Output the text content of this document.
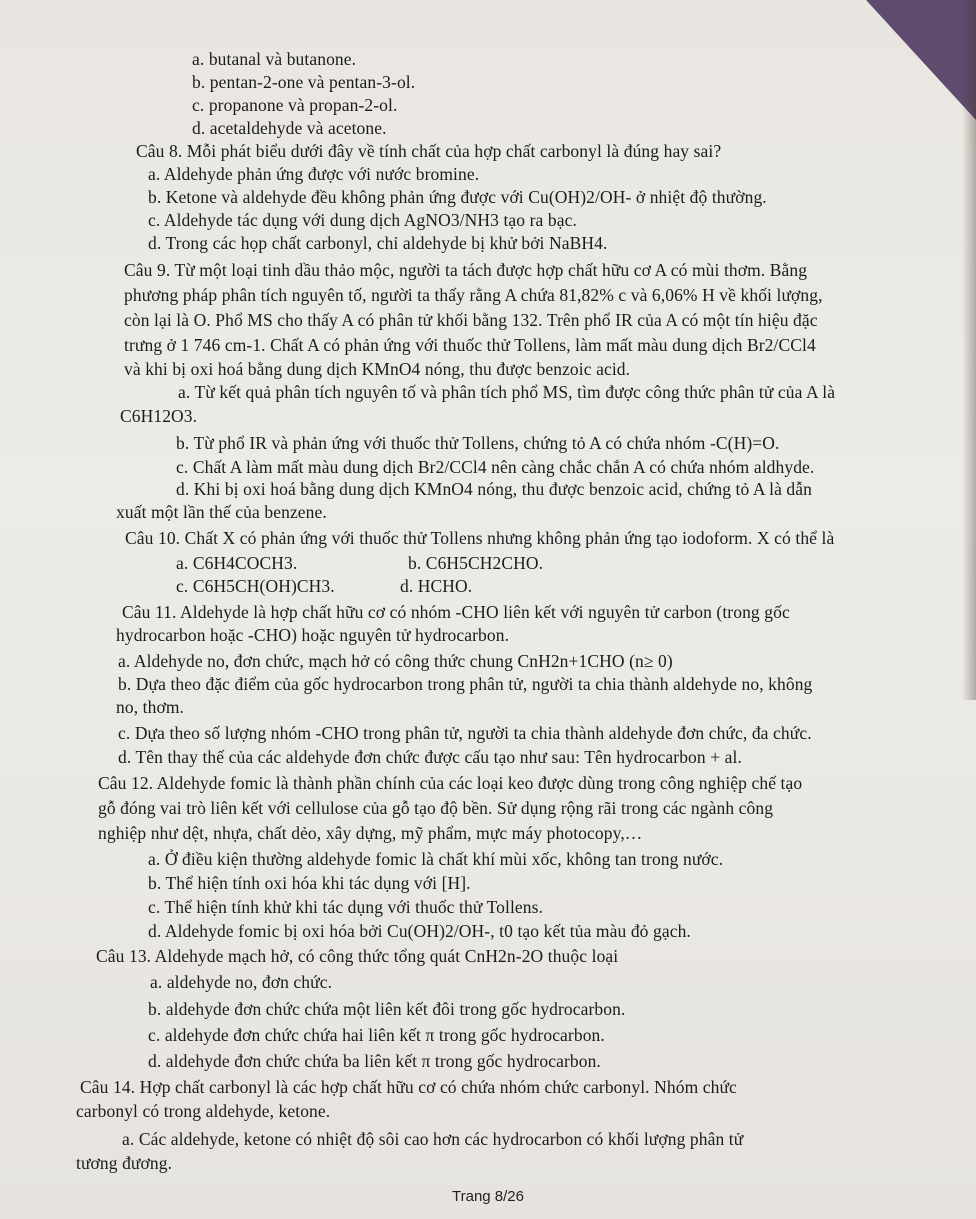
a. butanal và butanone.
b. pentan-2-one và pentan-3-ol.
c. propanone và propan-2-ol.
d. acetaldehyde và acetone.
Câu 8. Mỗi phát biểu dưới đây về tính chất của hợp chất carbonyl là đúng hay sai?
a. Aldehyde phản ứng được với nước bromine.
b. Ketone và aldehyde đều không phản ứng được với Cu(OH)2/OH- ở nhiệt độ thường.
c. Aldehyde tác dụng với dung dịch AgNO3/NH3 tạo ra bạc.
d. Trong các họp chất carbonyl, chỉ aldehyde bị khử bởi NaBH4.
Câu 9. Từ một loại tinh dầu thảo mộc, người ta tách được hợp chất hữu cơ A có mùi thơm. Bằng
phương pháp phân tích nguyên tố, người ta thấy rằng A chứa 81,82% c và 6,06% H về khối lượng,
còn lại là O. Phổ MS cho thấy A có phân tử khối bằng 132. Trên phổ IR của A có một tín hiệu đặc
trưng ở 1 746 cm-1. Chất A có phản ứng với thuốc thử Tollens, làm mất màu dung dịch Br2/CCl4
và khi bị oxi hoá bằng dung dịch KMnO4 nóng, thu được benzoic acid.
a. Từ kết quả phân tích nguyên tố và phân tích phổ MS, tìm được công thức phân tử của A là
C6H12O3.
b. Từ phổ IR và phản ứng với thuốc thử Tollens, chứng tỏ A có chứa nhóm -C(H)=O.
c. Chất A làm mất màu dung dịch Br2/CCl4 nên càng chắc chắn A có chứa nhóm aldhyde.
d. Khi bị oxi hoá bằng dung dịch KMnO4 nóng, thu được benzoic acid, chứng tỏ A là dẫn
xuất một lần thế của benzene.
Câu 10. Chất X có phản ứng với thuốc thử Tollens nhưng không phản ứng tạo iodoform. X có thể là
a. C6H4COCH3.	b. C6H5CH2CHO.
c. C6H5CH(OH)CH3.	d. HCHO.
Câu 11. Aldehyde là hợp chất hữu cơ có nhóm -CHO liên kết với nguyên tử carbon (trong gốc
hydrocarbon hoặc -CHO) hoặc nguyên tử hydrocarbon.
a. Aldehyde no, đơn chức, mạch hở có công thức chung CnH2n+1CHO (n≥ 0)
b. Dựa theo đặc điểm của gốc hydrocarbon trong phân tử, người ta chia thành aldehyde no, không
no, thơm.
c. Dựa theo số lượng nhóm -CHO trong phân tử, người ta chia thành aldehyde đơn chức, đa chức.
d. Tên thay thế của các aldehyde đơn chức được cấu tạo như sau: Tên hydrocarbon + al.
Câu 12. Aldehyde fomic là thành phần chính của các loại keo được dùng trong công nghiệp chế tạo
gỗ đóng vai trò liên kết với cellulose của gỗ tạo độ bền. Sử dụng rộng rãi trong các ngành công
nghiệp như dệt, nhựa, chất dẻo, xây dựng, mỹ phẩm, mực máy photocopy,…
a. Ở điều kiện thường aldehyde fomic là chất khí mùi xốc, không tan trong nước.
b. Thể hiện tính oxi hóa khi tác dụng với [H].
c. Thể hiện tính khử khi tác dụng với thuốc thử Tollens.
d. Aldehyde fomic bị oxi hóa bởi Cu(OH)2/OH-, t0 tạo kết tủa màu đỏ gạch.
Câu 13. Aldehyde mạch hở, có công thức tổng quát CnH2n-2O thuộc loại
a. aldehyde no, đơn chức.
b. aldehyde đơn chức chứa một liên kết đôi trong gốc hydrocarbon.
c. aldehyde đơn chức chứa hai liên kết π trong gốc hydrocarbon.
d. aldehyde đơn chức chứa ba liên kết π trong gốc hydrocarbon.
Câu 14. Hợp chất carbonyl là các hợp chất hữu cơ có chứa nhóm chức carbonyl. Nhóm chức
carbonyl có trong aldehyde, ketone.
a. Các aldehyde, ketone có nhiệt độ sôi cao hơn các hydrocarbon có khối lượng phân tử
tương đương.
Trang 8/26
